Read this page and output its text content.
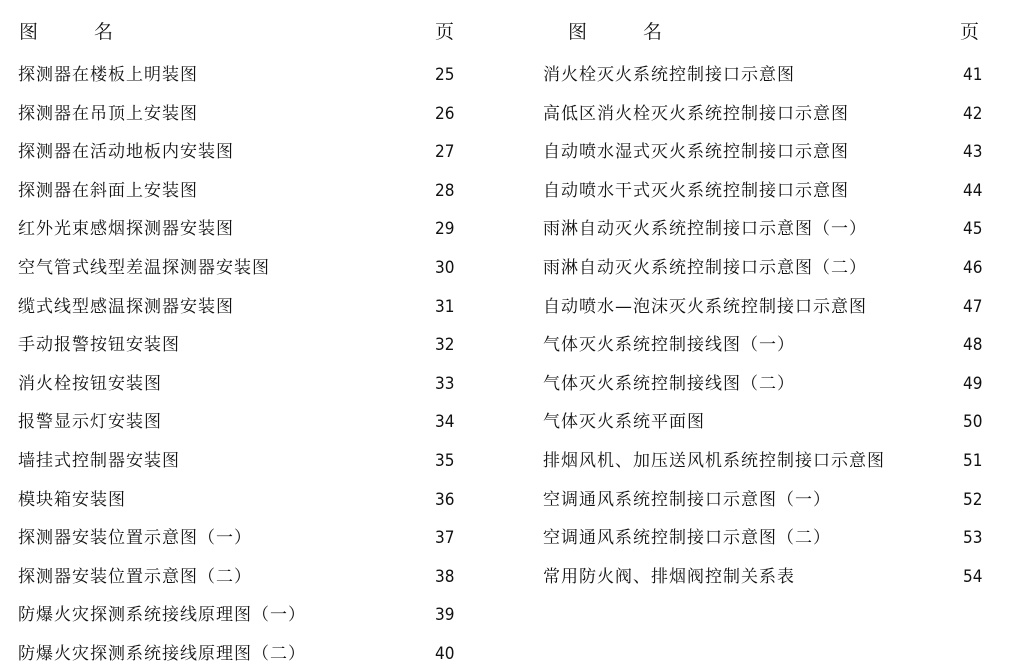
图	名	页
探测器在楼板上明装图	25
探测器在吊顶上安装图	26
探测器在活动地板内安装图	27
探测器在斜面上安装图	28
红外光束感烟探测器安装图	29
空气管式线型差温探测器安装图	30
缆式线型感温探测器安装图	31
手动报警按钮安装图	32
消火栓按钮安装图	33
报警显示灯安装图	34
墙挂式控制器安装图	35
模块箱安装图	36
探测器安装位置示意图（一）	37
探测器安装位置示意图（二）	38
防爆火灾探测系统接线原理图（一）	39
防爆火灾探测系统接线原理图（二）	40
图	名	页
消火栓灭火系统控制接口示意图	41
高低区消火栓灭火系统控制接口示意图	42
自动喷水湿式灭火系统控制接口示意图	43
自动喷水干式灭火系统控制接口示意图	44
雨淋自动灭火系统控制接口示意图（一）	45
雨淋自动灭火系统控制接口示意图（二）	46
自动喷水—泡沫灭火系统控制接口示意图	47
气体灭火系统控制接线图（一）	48
气体灭火系统控制接线图（二）	49
气体灭火系统平面图	50
排烟风机、加压送风机系统控制接口示意图	51
空调通风系统控制接口示意图（一）	52
空调通风系统控制接口示意图（二）	53
常用防火阀、排烟阀控制关系表	54
